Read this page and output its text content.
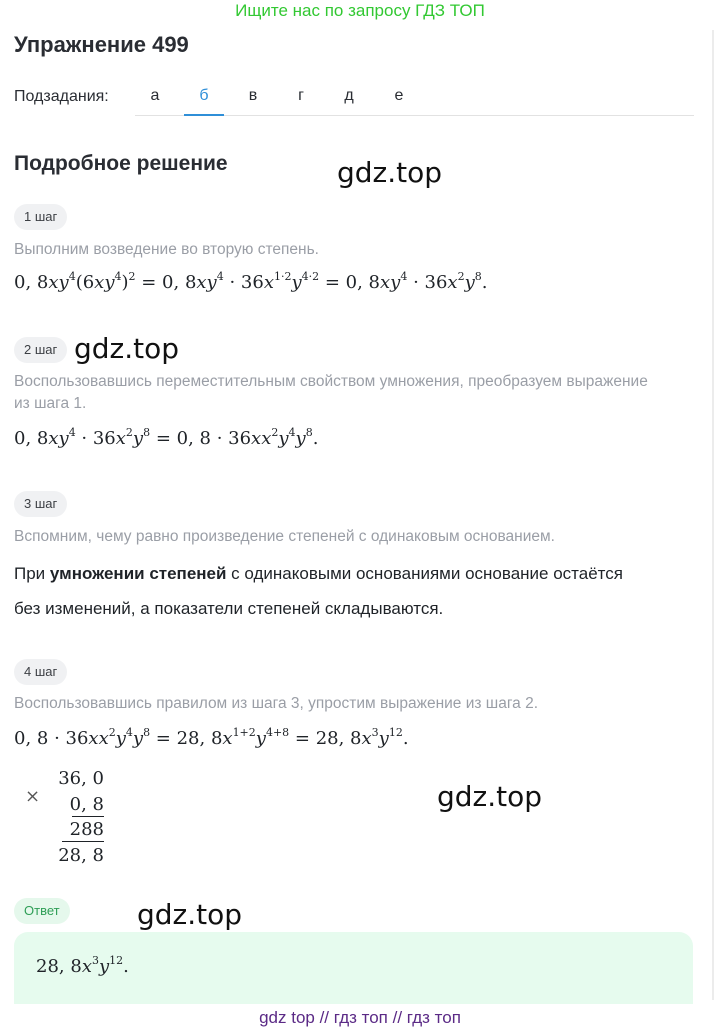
Ищите нас по запросу ГДЗ ТОП
Упражнение 499
Подзадания:	а	б	в	г	д	е
Подробное решение	gdz.top
gdz.top
gdz.top
gdz.top
1 шаг
Выполним возведение во вторую степень.
0, $8xy^4(6xy^4)^2 = 0$, $8xy^4 \cdot 36x^{1\cdot 2}y^{4\cdot 2} = 0$, $8xy^4 \cdot 36x^2y^8$.
2 шаг
Воспользовавшись переместительным свойством умножения, преобразуем выражение
из шага 1.
0, $8xy^4 \cdot 36x^2y^8 = 0$, $8 \cdot 36xx^2y^4y^8$.
3 шаг
Вспомним, чему равно произведение степеней с одинаковым основанием.
При умножении степеней с одинаковыми основаниями основание остаётся
без изменений, а показатели степеней складываются.
4 шаг
Воспользовавшись правилом из шага 3, упростим выражение из шага 2.
0, $8 \cdot 36xx^2y^4y^8 = 28$, $8x^{1+2}y^{4+8} = 28$, $8x^3y^{12}$.
×
36, 0
0, 8
288
28, 8
Ответ
28, $8x^3y^{12}$.
gdz top // гдз топ // гдз топ
